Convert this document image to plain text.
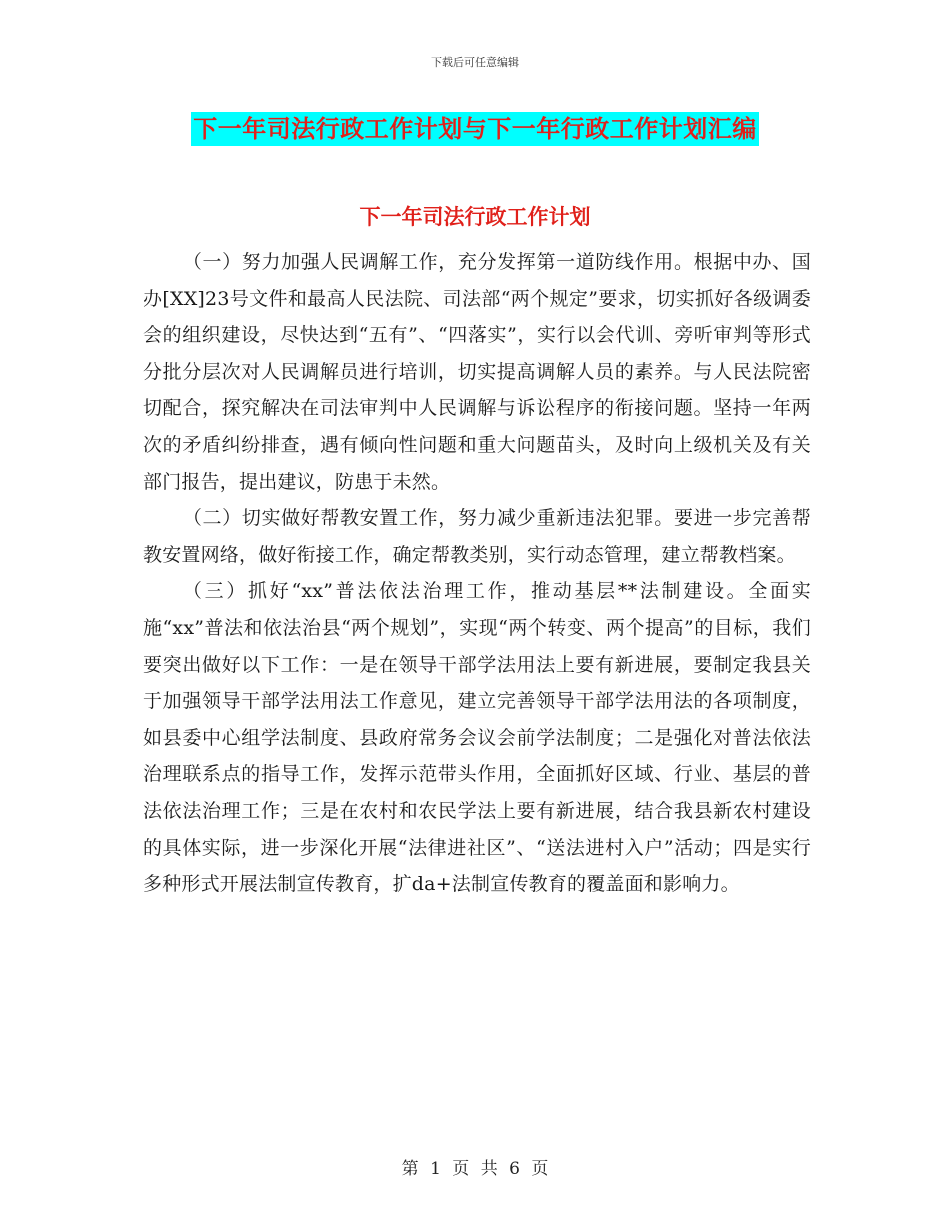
下载后可任意编辑
下一年司法行政工作计划与下一年行政工作计划汇编
下一年司法行政工作计划

（一）努力加强人民调解工作，充分发挥第一道防线作用。根据中办、国办[XX]23号文件和最高人民法院、司法部“两个规定”要求，切实抓好各级调委会的组织建设，尽快达到“五有”、“四落实”，实行以会代训、旁听审判等形式分批分层次对人民调解员进行培训，切实提高调解人员的素养。与人民法院密切配合，探究解决在司法审判中人民调解与诉讼程序的衔接问题。坚持一年两次的矛盾纠纷排查，遇有倾向性问题和重大问题苗头，及时向上级机关及有关部门报告，提出建议，防患于未然。

（二）切实做好帮教安置工作，努力减少重新违法犯罪。要进一步完善帮教安置网络，做好衔接工作，确定帮教类别，实行动态管理，建立帮教档案。

（三）抓好“xx”普法依法治理工作，推动基层**法制建设。全面实施“xx”普法和依法治县“两个规划”，实现“两个转变、两个提高”的目标，我们要突出做好以下工作：一是在领导干部学法用法上要有新进展，要制定我县关于加强领导干部学法用法工作意见，建立完善领导干部学法用法的各项制度，如县委中心组学法制度、县政府常务会议会前学法制度；二是强化对普法依法治理联系点的指导工作，发挥示范带头作用，全面抓好区域、行业、基层的普法依法治理工作；三是在农村和农民学法上要有新进展，结合我县新农村建设的具体实际，进一步深化开展“法律进社区”、“送法进村入户”活动；四是实行多种形式开展法制宣传教育，扩da+法制宣传教育的覆盖面和影响力。

第 1 页 共 6 页
